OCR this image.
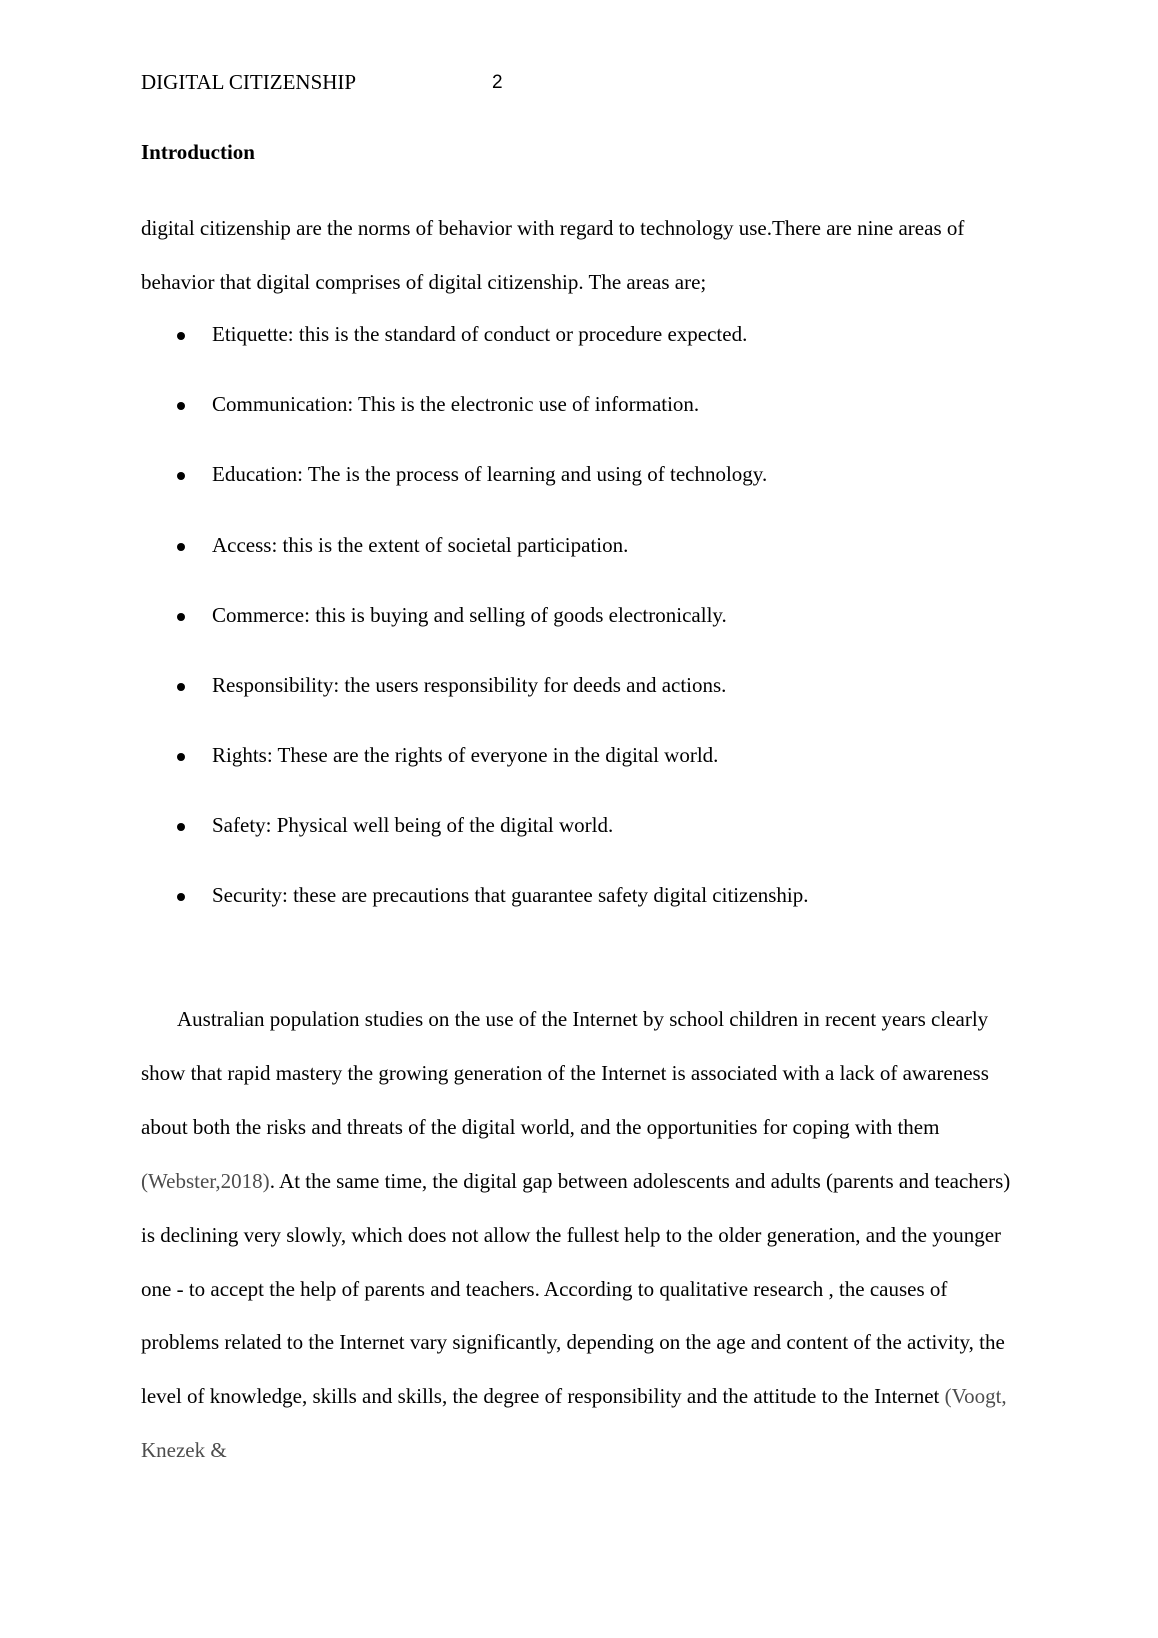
DIGITAL CITIZENSHIP	2
Introduction

digital citizenship are the norms of behavior with regard to technology use.There are nine areas of behavior that digital comprises of digital citizenship. The areas are;

Etiquette: this is the standard of conduct or procedure expected.
Communication: This is the electronic use of information.
Education: The is the process of learning and using of technology.
Access: this is the extent of societal participation.
Commerce: this is buying and selling of goods electronically.
Responsibility: the users responsibility for deeds and actions.
Rights: These are the rights of everyone in the digital world.
Safety: Physical well being of the digital world.
Security: these are precautions that guarantee safety digital citizenship.

Australian population studies on the use of the Internet by school children in recent years clearly show that rapid mastery the growing generation of the Internet is associated with a lack of awareness about both the risks and threats of the digital world, and the opportunities for coping with them (Webster,2018). At the same time, the digital gap between adolescents and adults (parents and teachers) is declining very slowly, which does not allow the fullest help to the older generation, and the younger one - to accept the help of parents and teachers. According to qualitative research , the causes of problems related to the Internet vary significantly, depending on the age and content of the activity, the level of knowledge, skills and skills, the degree of responsibility and the attitude to the Internet (Voogt, Knezek &
